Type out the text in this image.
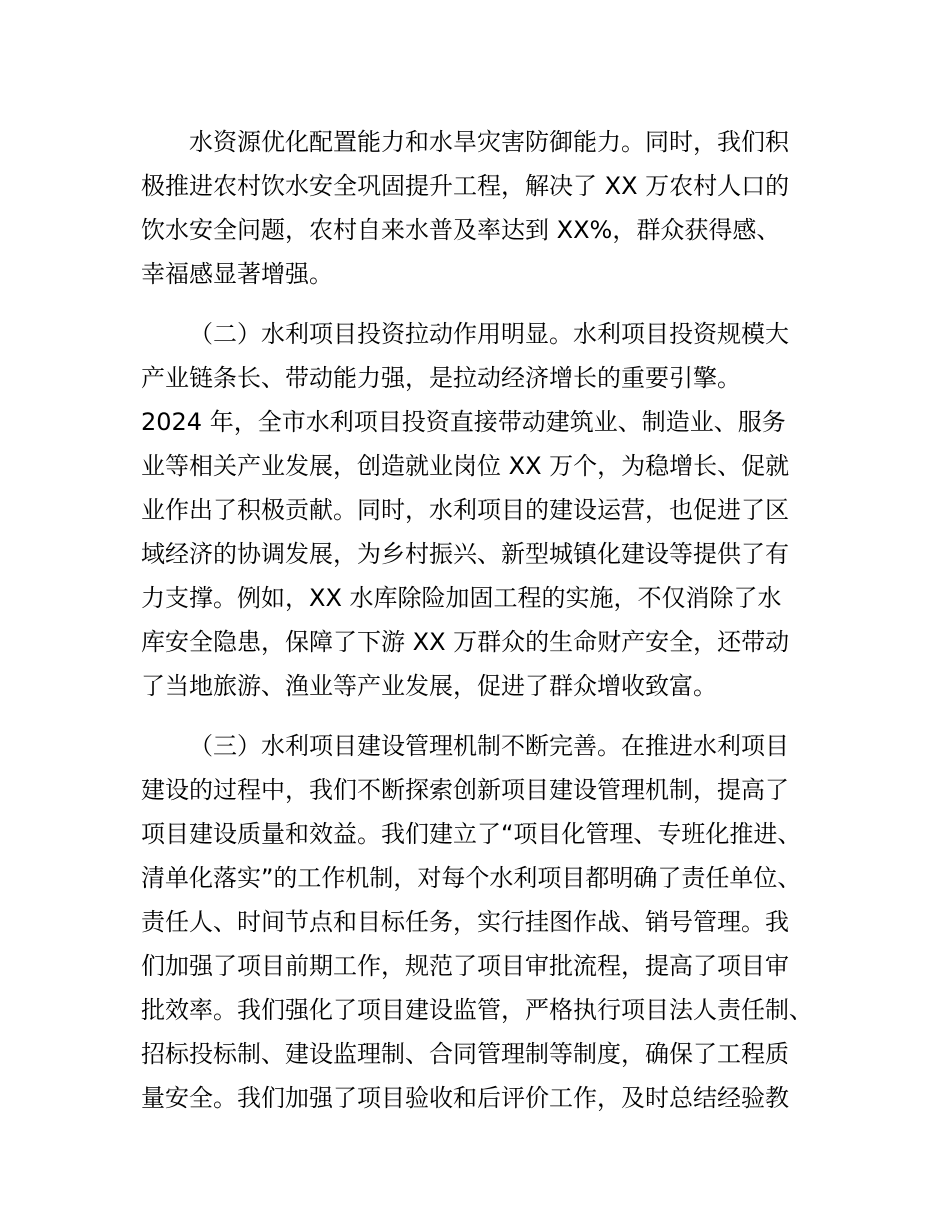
水资源优化配置能力和水旱灾害防御能力。同时，我们积
极推进农村饮水安全巩固提升工程，解决了 XX 万农村人口的
饮水安全问题，农村自来水普及率达到 XX%，群众获得感、
幸福感显著增强。
（二）水利项目投资拉动作用明显。水利项目投资规模大
产业链条长、带动能力强，是拉动经济增长的重要引擎。
2024 年，全市水利项目投资直接带动建筑业、制造业、服务
业等相关产业发展，创造就业岗位 XX 万个，为稳增长、促就
业作出了积极贡献。同时，水利项目的建设运营，也促进了区
域经济的协调发展，为乡村振兴、新型城镇化建设等提供了有
力支撑。例如，XX 水库除险加固工程的实施，不仅消除了水
库安全隐患，保障了下游 XX 万群众的生命财产安全，还带动
了当地旅游、渔业等产业发展，促进了群众增收致富。
（三）水利项目建设管理机制不断完善。在推进水利项目
建设的过程中，我们不断探索创新项目建设管理机制，提高了
项目建设质量和效益。我们建立了“项目化管理、专班化推进、
清单化落实”的工作机制，对每个水利项目都明确了责任单位、
责任人、时间节点和目标任务，实行挂图作战、销号管理。我
们加强了项目前期工作，规范了项目审批流程，提高了项目审
批效率。我们强化了项目建设监管，严格执行项目法人责任制、
招标投标制、建设监理制、合同管理制等制度，确保了工程质
量安全。我们加强了项目验收和后评价工作，及时总结经验教
